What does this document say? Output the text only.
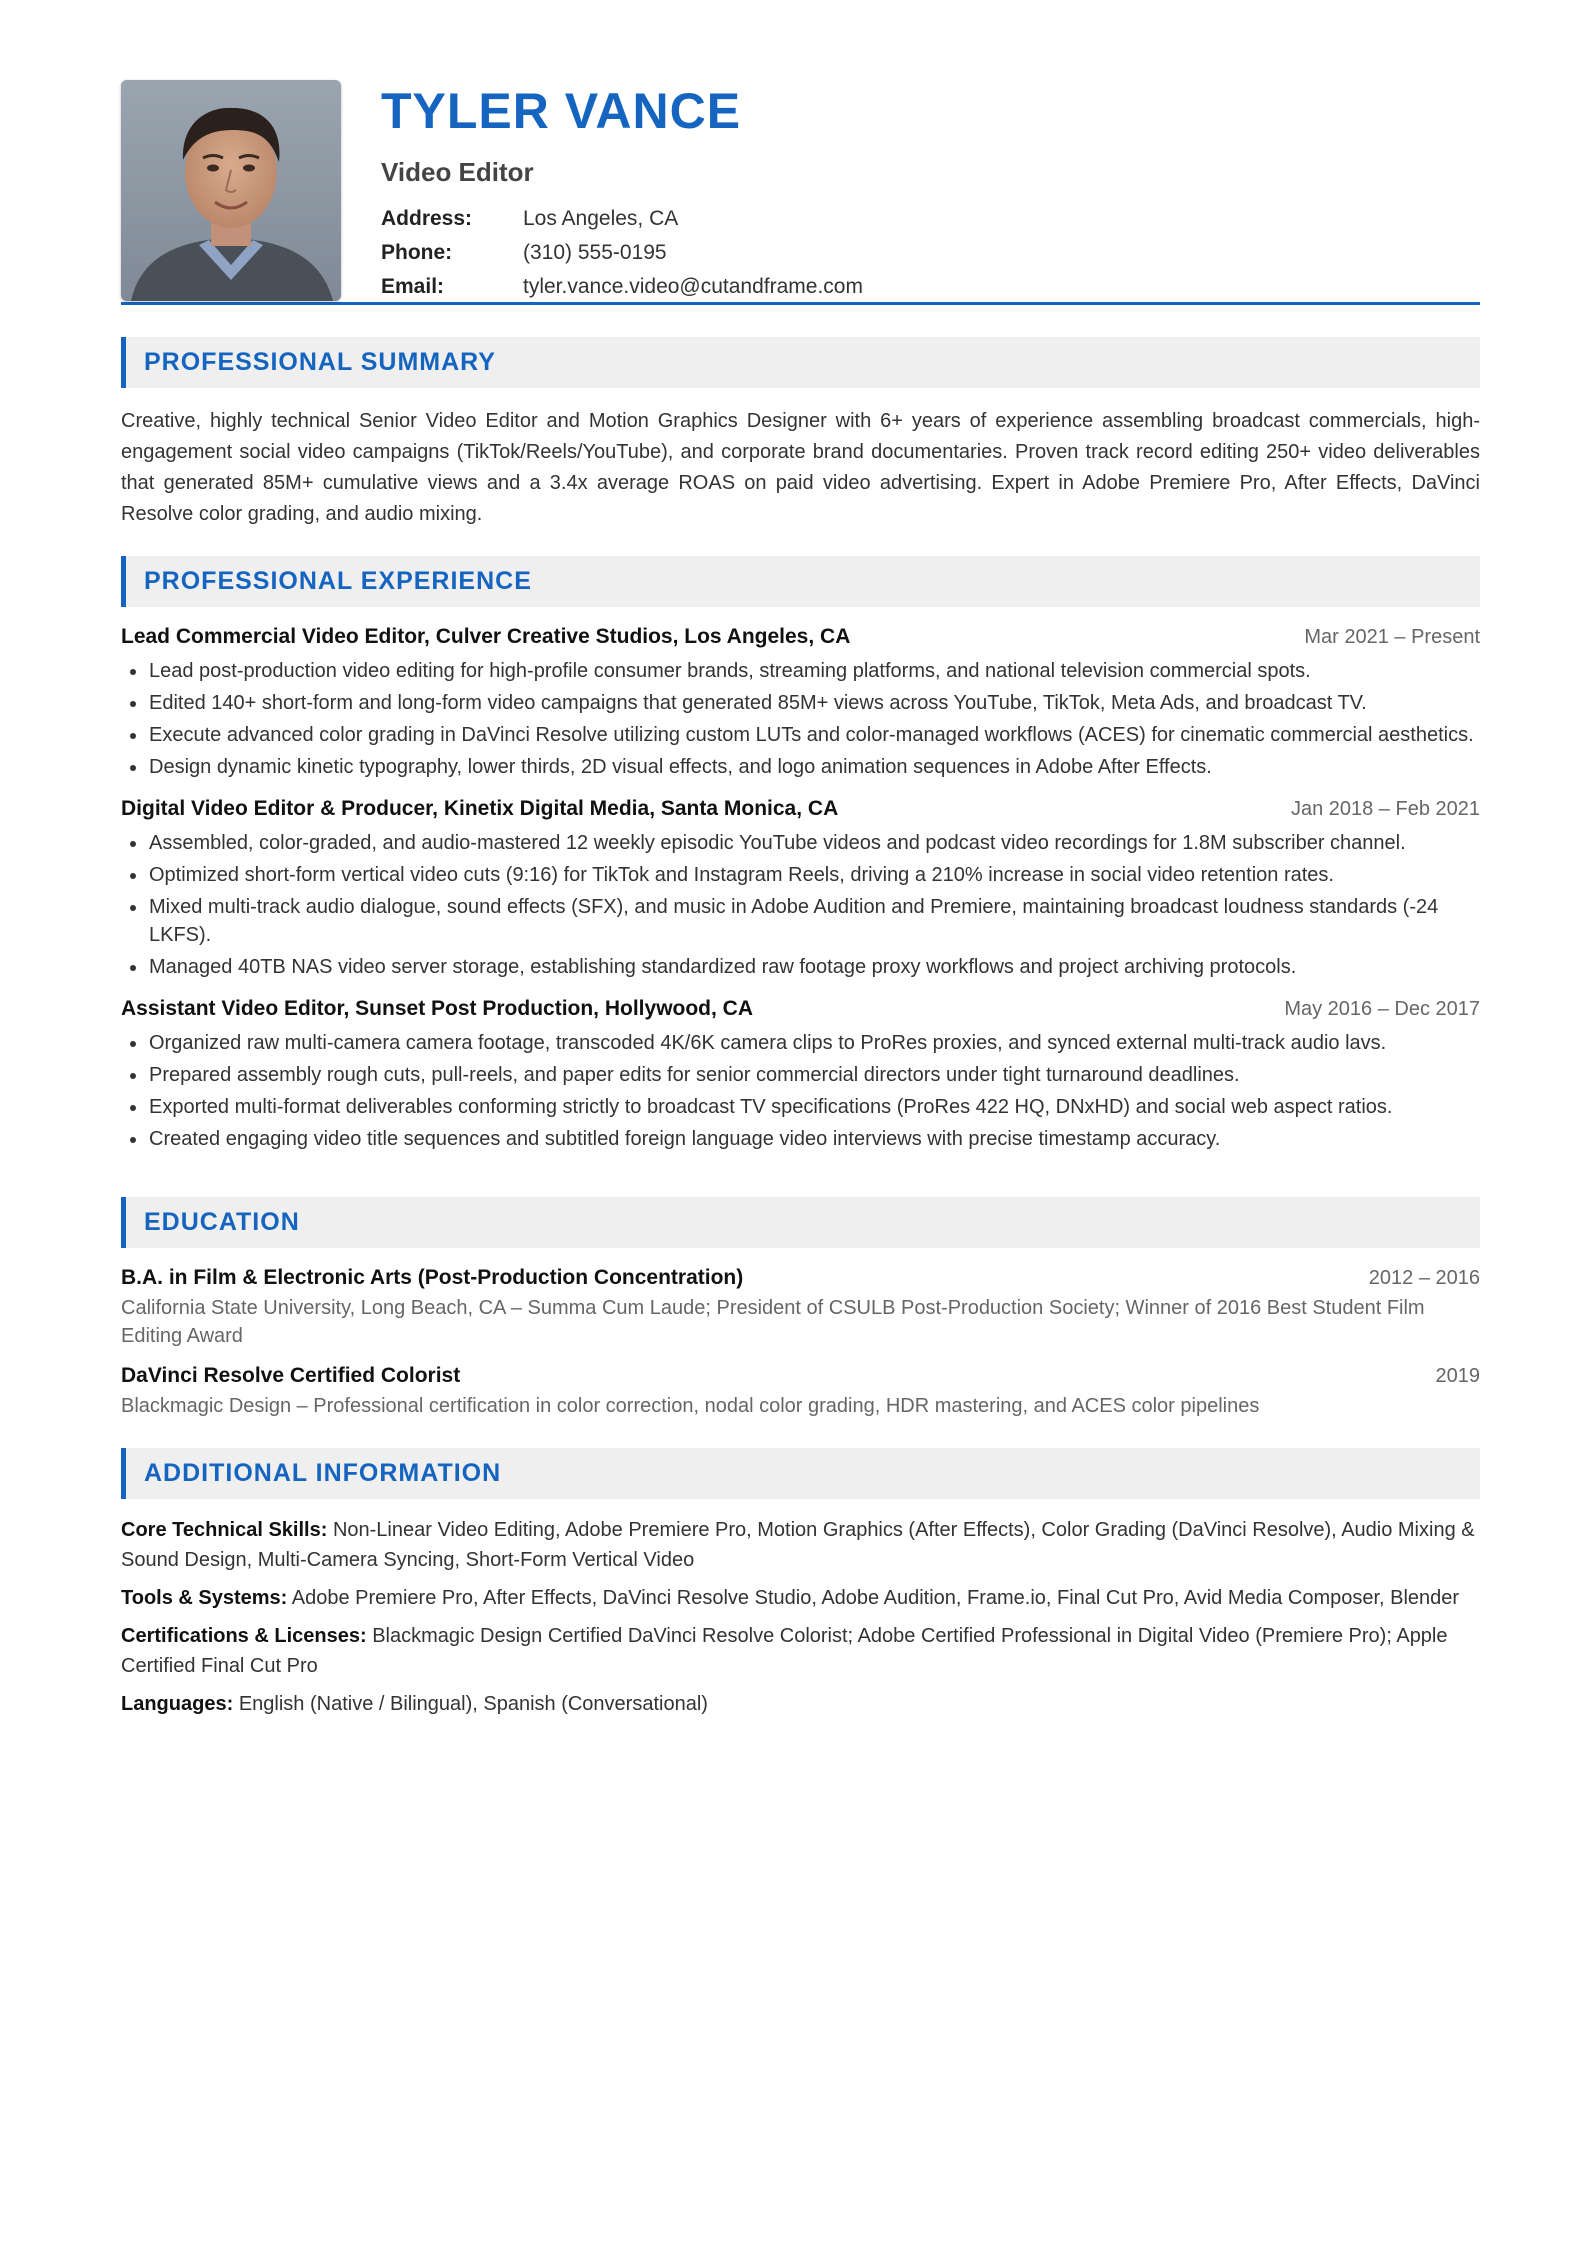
TYLER VANCE
Video Editor
Address:	Los Angeles, CA
Phone:	(310) 555-0195
Email:	tyler.vance.video@cutandframe.com
PROFESSIONAL SUMMARY
Creative, highly technical Senior Video Editor and Motion Graphics Designer with 6+ years of experience assembling broadcast commercials, high-engagement social video campaigns (TikTok/Reels/YouTube), and corporate brand documentaries. Proven track record editing 250+ video deliverables that generated 85M+ cumulative views and a 3.4x average ROAS on paid video advertising. Expert in Adobe Premiere Pro, After Effects, DaVinci Resolve color grading, and audio mixing.
PROFESSIONAL EXPERIENCE
Lead Commercial Video Editor, Culver Creative Studios, Los Angeles, CA	Mar 2021 – Present
Lead post-production video editing for high-profile consumer brands, streaming platforms, and national television commercial spots.
Edited 140+ short-form and long-form video campaigns that generated 85M+ views across YouTube, TikTok, Meta Ads, and broadcast TV.
Execute advanced color grading in DaVinci Resolve utilizing custom LUTs and color-managed workflows (ACES) for cinematic commercial aesthetics.
Design dynamic kinetic typography, lower thirds, 2D visual effects, and logo animation sequences in Adobe After Effects.
Digital Video Editor & Producer, Kinetix Digital Media, Santa Monica, CA	Jan 2018 – Feb 2021
Assembled, color-graded, and audio-mastered 12 weekly episodic YouTube videos and podcast video recordings for 1.8M subscriber channel.
Optimized short-form vertical video cuts (9:16) for TikTok and Instagram Reels, driving a 210% increase in social video retention rates.
Mixed multi-track audio dialogue, sound effects (SFX), and music in Adobe Audition and Premiere, maintaining broadcast loudness standards (-24 LKFS).
Managed 40TB NAS video server storage, establishing standardized raw footage proxy workflows and project archiving protocols.
Assistant Video Editor, Sunset Post Production, Hollywood, CA	May 2016 – Dec 2017
Organized raw multi-camera camera footage, transcoded 4K/6K camera clips to ProRes proxies, and synced external multi-track audio lavs.
Prepared assembly rough cuts, pull-reels, and paper edits for senior commercial directors under tight turnaround deadlines.
Exported multi-format deliverables conforming strictly to broadcast TV specifications (ProRes 422 HQ, DNxHD) and social web aspect ratios.
Created engaging video title sequences and subtitled foreign language video interviews with precise timestamp accuracy.
EDUCATION
B.A. in Film & Electronic Arts (Post-Production Concentration)	2012 – 2016
California State University, Long Beach, CA – Summa Cum Laude; President of CSULB Post-Production Society; Winner of 2016 Best Student Film Editing Award
DaVinci Resolve Certified Colorist	2019
Blackmagic Design – Professional certification in color correction, nodal color grading, HDR mastering, and ACES color pipelines
ADDITIONAL INFORMATION
Core Technical Skills: Non-Linear Video Editing, Adobe Premiere Pro, Motion Graphics (After Effects), Color Grading (DaVinci Resolve), Audio Mixing & Sound Design, Multi-Camera Syncing, Short-Form Vertical Video
Tools & Systems: Adobe Premiere Pro, After Effects, DaVinci Resolve Studio, Adobe Audition, Frame.io, Final Cut Pro, Avid Media Composer, Blender
Certifications & Licenses: Blackmagic Design Certified DaVinci Resolve Colorist; Adobe Certified Professional in Digital Video (Premiere Pro); Apple Certified Final Cut Pro
Languages: English (Native / Bilingual), Spanish (Conversational)
